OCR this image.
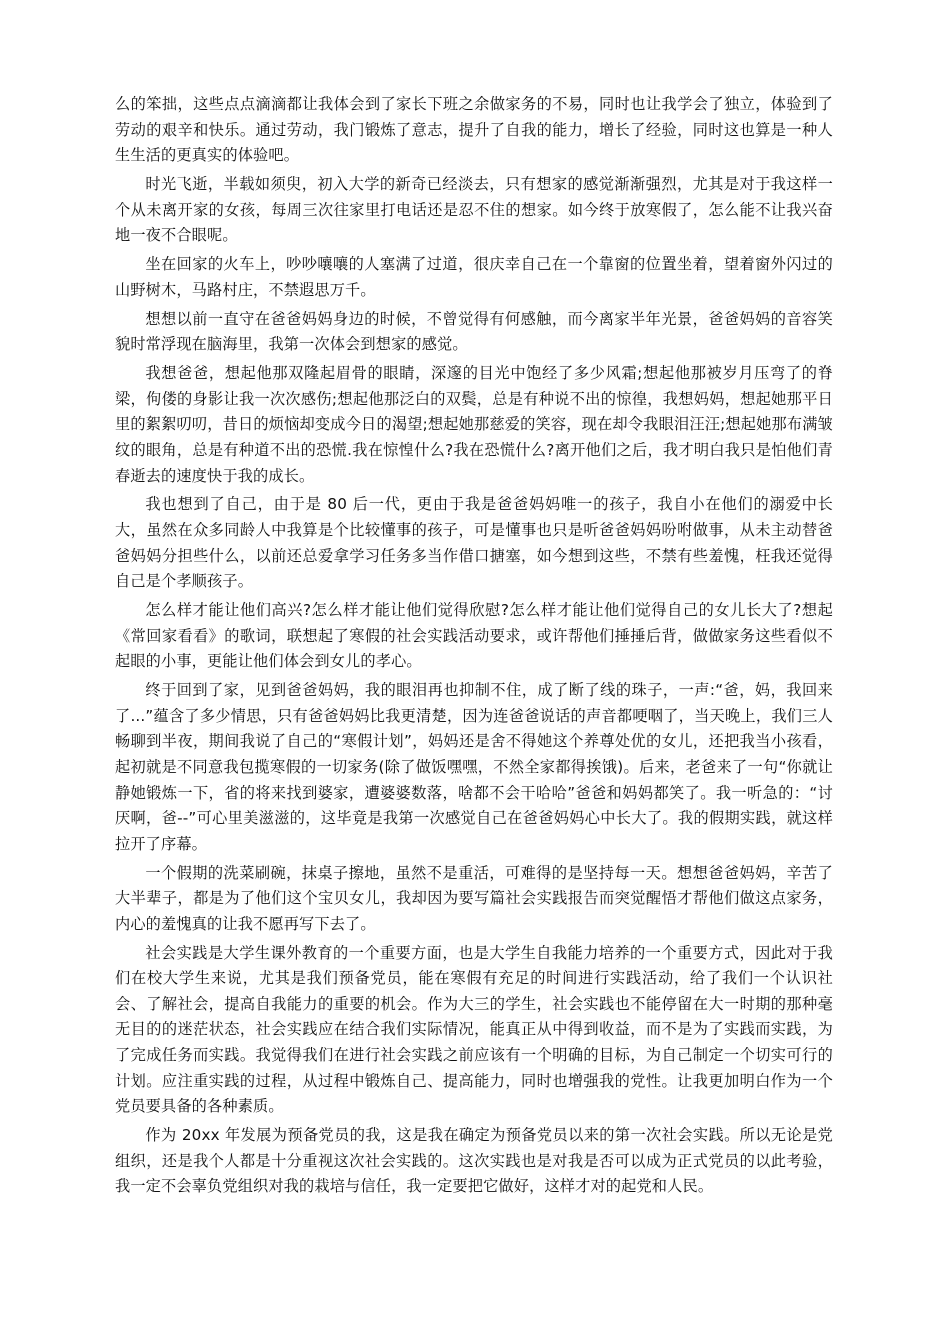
么的笨拙，这些点点滴滴都让我体会到了家长下班之余做家务的不易，同时也让我学会了独立，体验到了劳动的艰辛和快乐。通过劳动，我门锻炼了意志，提升了自我的能力，增长了经验，同时这也算是一种人生生活的更真实的体验吧。

时光飞逝，半载如须臾，初入大学的新奇已经淡去，只有想家的感觉渐渐强烈，尤其是对于我这样一个从未离开家的女孩，每周三次往家里打电话还是忍不住的想家。如今终于放寒假了，怎么能不让我兴奋地一夜不合眼呢。

坐在回家的火车上，吵吵嚷嚷的人塞满了过道，很庆幸自己在一个靠窗的位置坐着，望着窗外闪过的山野树木，马路村庄，不禁遐思万千。

想想以前一直守在爸爸妈妈身边的时候，不曾觉得有何感触，而今离家半年光景，爸爸妈妈的音容笑貌时常浮现在脑海里，我第一次体会到想家的感觉。

我想爸爸，想起他那双隆起眉骨的眼睛，深邃的目光中饱经了多少风霜;想起他那被岁月压弯了的脊梁，佝偻的身影让我一次次感伤;想起他那泛白的双鬓，总是有种说不出的惊徨，我想妈妈，想起她那平日里的絮絮叨叨，昔日的烦恼却变成今日的渴望;想起她那慈爱的笑容，现在却令我眼泪汪汪;想起她那布满皱纹的眼角，总是有种道不出的恐慌.我在惊惶什么?我在恐慌什么?离开他们之后，我才明白我只是怕他们青春逝去的速度快于我的成长。

我也想到了自己，由于是 80 后一代，更由于我是爸爸妈妈唯一的孩子，我自小在他们的溺爱中长大，虽然在众多同龄人中我算是个比较懂事的孩子，可是懂事也只是听爸爸妈妈吩咐做事，从未主动替爸爸妈妈分担些什么，以前还总爱拿学习任务多当作借口搪塞，如今想到这些，不禁有些羞愧，枉我还觉得自己是个孝顺孩子。

怎么样才能让他们高兴?怎么样才能让他们觉得欣慰?怎么样才能让他们觉得自己的女儿长大了?想起《常回家看看》的歌词，联想起了寒假的社会实践活动要求，或许帮他们捶捶后背，做做家务这些看似不起眼的小事，更能让他们体会到女儿的孝心。

终于回到了家，见到爸爸妈妈，我的眼泪再也抑制不住，成了断了线的珠子，一声:“爸，妈，我回来了...”蕴含了多少情思，只有爸爸妈妈比我更清楚，因为连爸爸说话的声音都哽咽了，当天晚上，我们三人畅聊到半夜，期间我说了自己的“寒假计划”，妈妈还是舍不得她这个养尊处优的女儿，还把我当小孩看，起初就是不同意我包揽寒假的一切家务(除了做饭嘿嘿，不然全家都得挨饿)。后来，老爸来了一句“你就让静她锻炼一下，省的将来找到婆家，遭婆婆数落，啥都不会干哈哈”爸爸和妈妈都笑了。我一听急的：“讨厌啊，爸--”可心里美滋滋的，这毕竟是我第一次感觉自己在爸爸妈妈心中长大了。我的假期实践，就这样拉开了序幕。

一个假期的洗菜刷碗，抹桌子擦地，虽然不是重活，可难得的是坚持每一天。想想爸爸妈妈，辛苦了大半辈子，都是为了他们这个宝贝女儿，我却因为要写篇社会实践报告而突觉醒悟才帮他们做这点家务，内心的羞愧真的让我不愿再写下去了。

社会实践是大学生课外教育的一个重要方面，也是大学生自我能力培养的一个重要方式，因此对于我们在校大学生来说，尤其是我们预备党员，能在寒假有充足的时间进行实践活动，给了我们一个认识社会、了解社会，提高自我能力的重要的机会。作为大三的学生，社会实践也不能停留在大一时期的那种毫无目的的迷茫状态，社会实践应在结合我们实际情况，能真正从中得到收益，而不是为了实践而实践，为了完成任务而实践。我觉得我们在进行社会实践之前应该有一个明确的目标，为自己制定一个切实可行的计划。应注重实践的过程，从过程中锻炼自己、提高能力，同时也增强我的党性。让我更加明白作为一个党员要具备的各种素质。

作为 20xx 年发展为预备党员的我，这是我在确定为预备党员以来的第一次社会实践。所以无论是党组织，还是我个人都是十分重视这次社会实践的。这次实践也是对我是否可以成为正式党员的以此考验，我一定不会辜负党组织对我的栽培与信任，我一定要把它做好，这样才对的起党和人民。
